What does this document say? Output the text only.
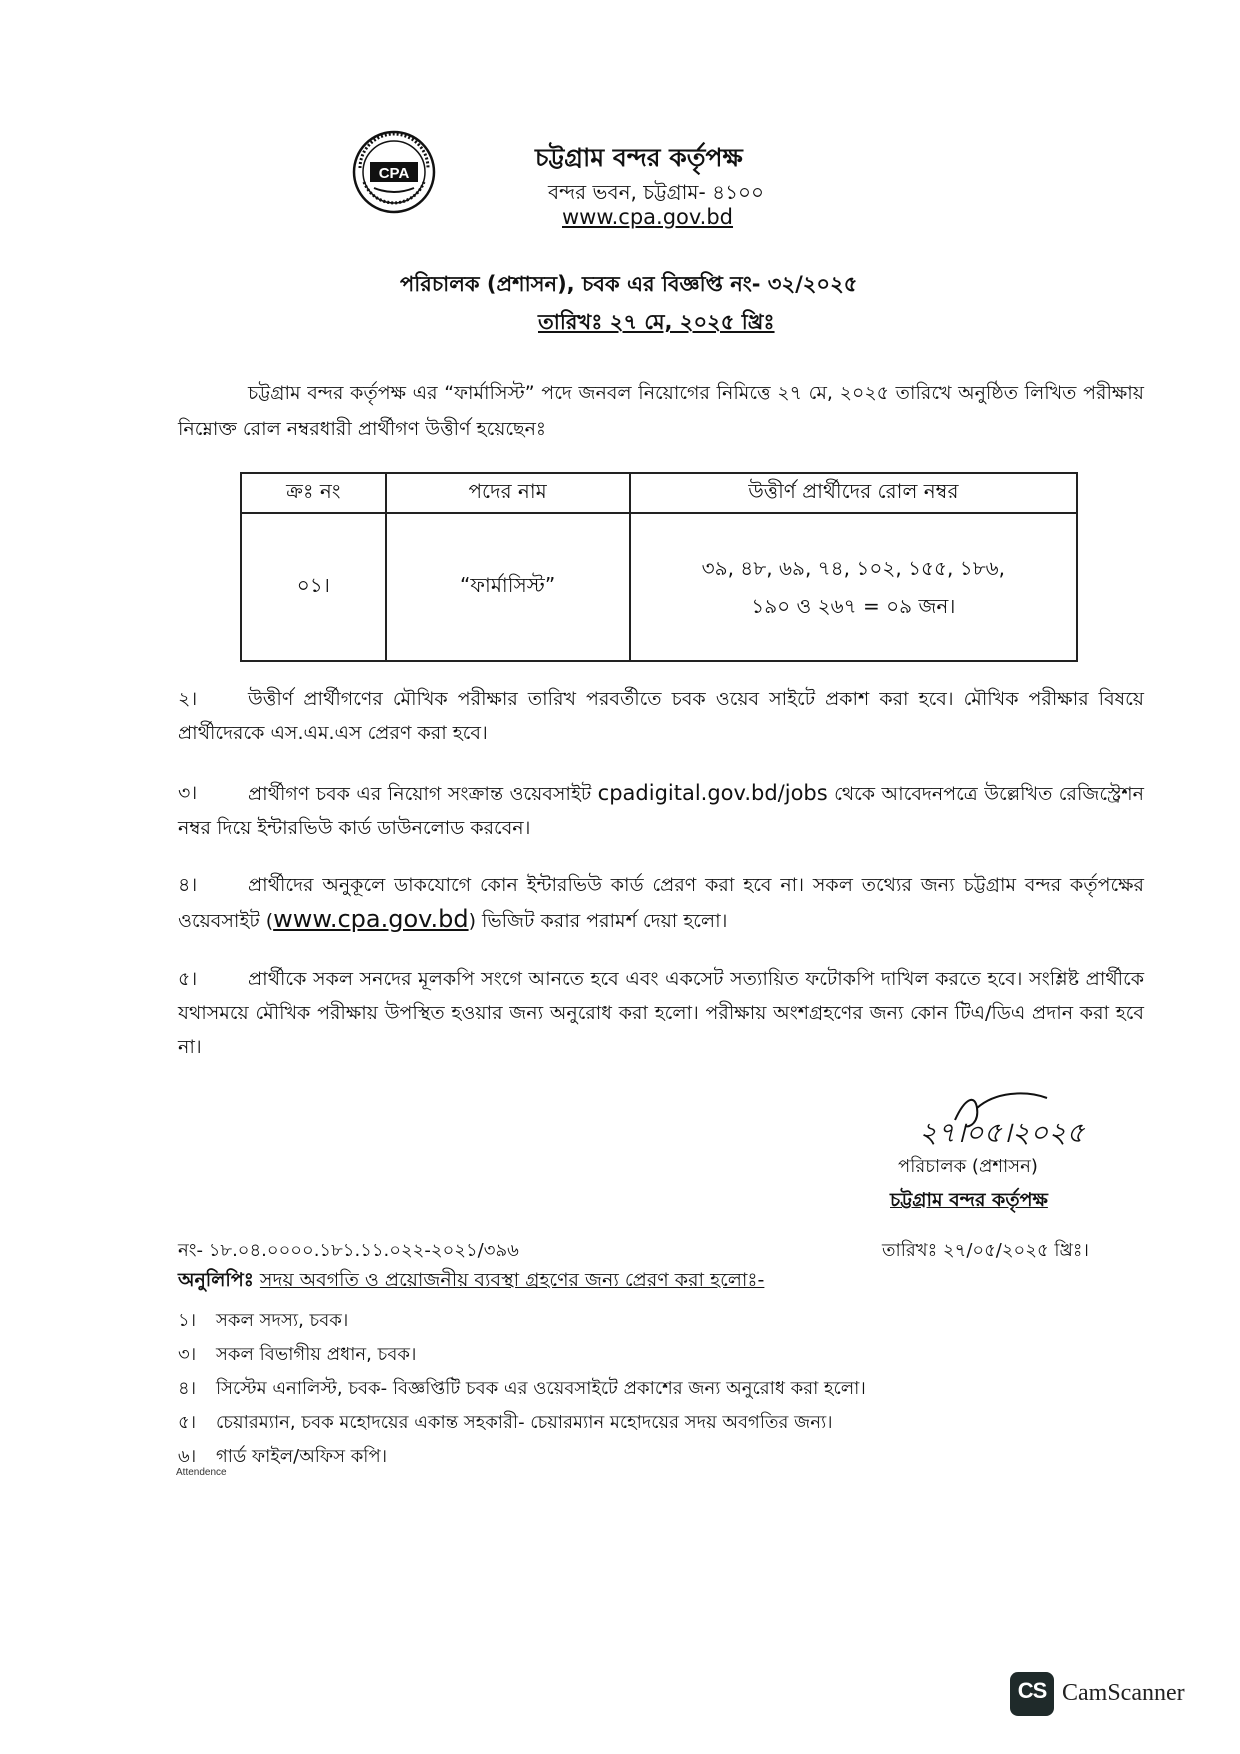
CPA
চট্টগ্রাম বন্দর কর্তৃপক্ষ
বন্দর ভবন, চট্টগ্রাম- ৪১০০
www.cpa.gov.bd
পরিচালক (প্রশাসন), চবক এর বিজ্ঞপ্তি নং- ৩২/২০২৫
তারিখঃ ২৭ মে, ২০২৫ খ্রিঃ
চট্টগ্রাম বন্দর কর্তৃপক্ষ এর “ফার্মাসিস্ট” পদে জনবল নিয়োগের নিমিত্তে ২৭ মে, ২০২৫ তারিখে অনুষ্ঠিত লিখিত পরীক্ষায় নিম্নোক্ত রোল নম্বরধারী প্রার্থীগণ উত্তীর্ণ হয়েছেনঃ
ক্রঃ নং	পদের নাম	উত্তীর্ণ প্রার্থীদের রোল নম্বর
০১।	“ফার্মাসিস্ট”	৩৯, ৪৮, ৬৯, ৭৪, ১০২, ১৫৫, ১৮৬,
১৯০ ও ২৬৭ = ০৯ জন।
২।	উত্তীর্ণ প্রার্থীগণের মৌখিক পরীক্ষার তারিখ পরবর্তীতে চবক ওয়েব সাইটে প্রকাশ করা হবে। মৌখিক পরীক্ষার বিষয়ে প্রার্থীদেরকে এস.এম.এস প্রেরণ করা হবে।
৩।	প্রার্থীগণ চবক এর নিয়োগ সংক্রান্ত ওয়েবসাইট cpadigital.gov.bd/jobs থেকে আবেদনপত্রে উল্লেখিত রেজিস্ট্রেশন নম্বর দিয়ে ইন্টারভিউ কার্ড ডাউনলোড করবেন।
৪।	প্রার্থীদের অনুকূলে ডাকযোগে কোন ইন্টারভিউ কার্ড প্রেরণ করা হবে না। সকল তথ্যের জন্য চট্টগ্রাম বন্দর কর্তৃপক্ষের ওয়েবসাইট (www.cpa.gov.bd) ভিজিট করার পরামর্শ দেয়া হলো।
৫।	প্রার্থীকে সকল সনদের মূলকপি সংগে আনতে হবে এবং একসেট সত্যায়িত ফটোকপি দাখিল করতে হবে। সংশ্লিষ্ট প্রার্থীকে যথাসময়ে মৌখিক পরীক্ষায় উপস্থিত হওয়ার জন্য অনুরোধ করা হলো। পরীক্ষায় অংশগ্রহণের জন্য কোন টিএ/ডিএ প্রদান করা হবে না।
২৭।০৫।২০২৫
পরিচালক (প্রশাসন)
চট্টগ্রাম বন্দর কর্তৃপক্ষ
নং- ১৮.০৪.০০০০.১৮১.১১.০২২-২০২১/৩৯৬	তারিখঃ ২৭/০৫/২০২৫ খ্রিঃ।
অনুলিপিঃ সদয় অবগতি ও প্রয়োজনীয় ব্যবস্থা গ্রহণের জন্য প্রেরণ করা হলোঃ-
১। সকল সদস্য, চবক।
৩। সকল বিভাগীয় প্রধান, চবক।
৪। সিস্টেম এনালিস্ট, চবক- বিজ্ঞপ্তিটি চবক এর ওয়েবসাইটে প্রকাশের জন্য অনুরোধ করা হলো।
৫। চেয়ারম্যান, চবক মহোদয়ের একান্ত সহকারী- চেয়ারম্যান মহোদয়ের সদয় অবগতির জন্য।
৬। গার্ড ফাইল/অফিস কপি।
Attendence
CS CamScanner
